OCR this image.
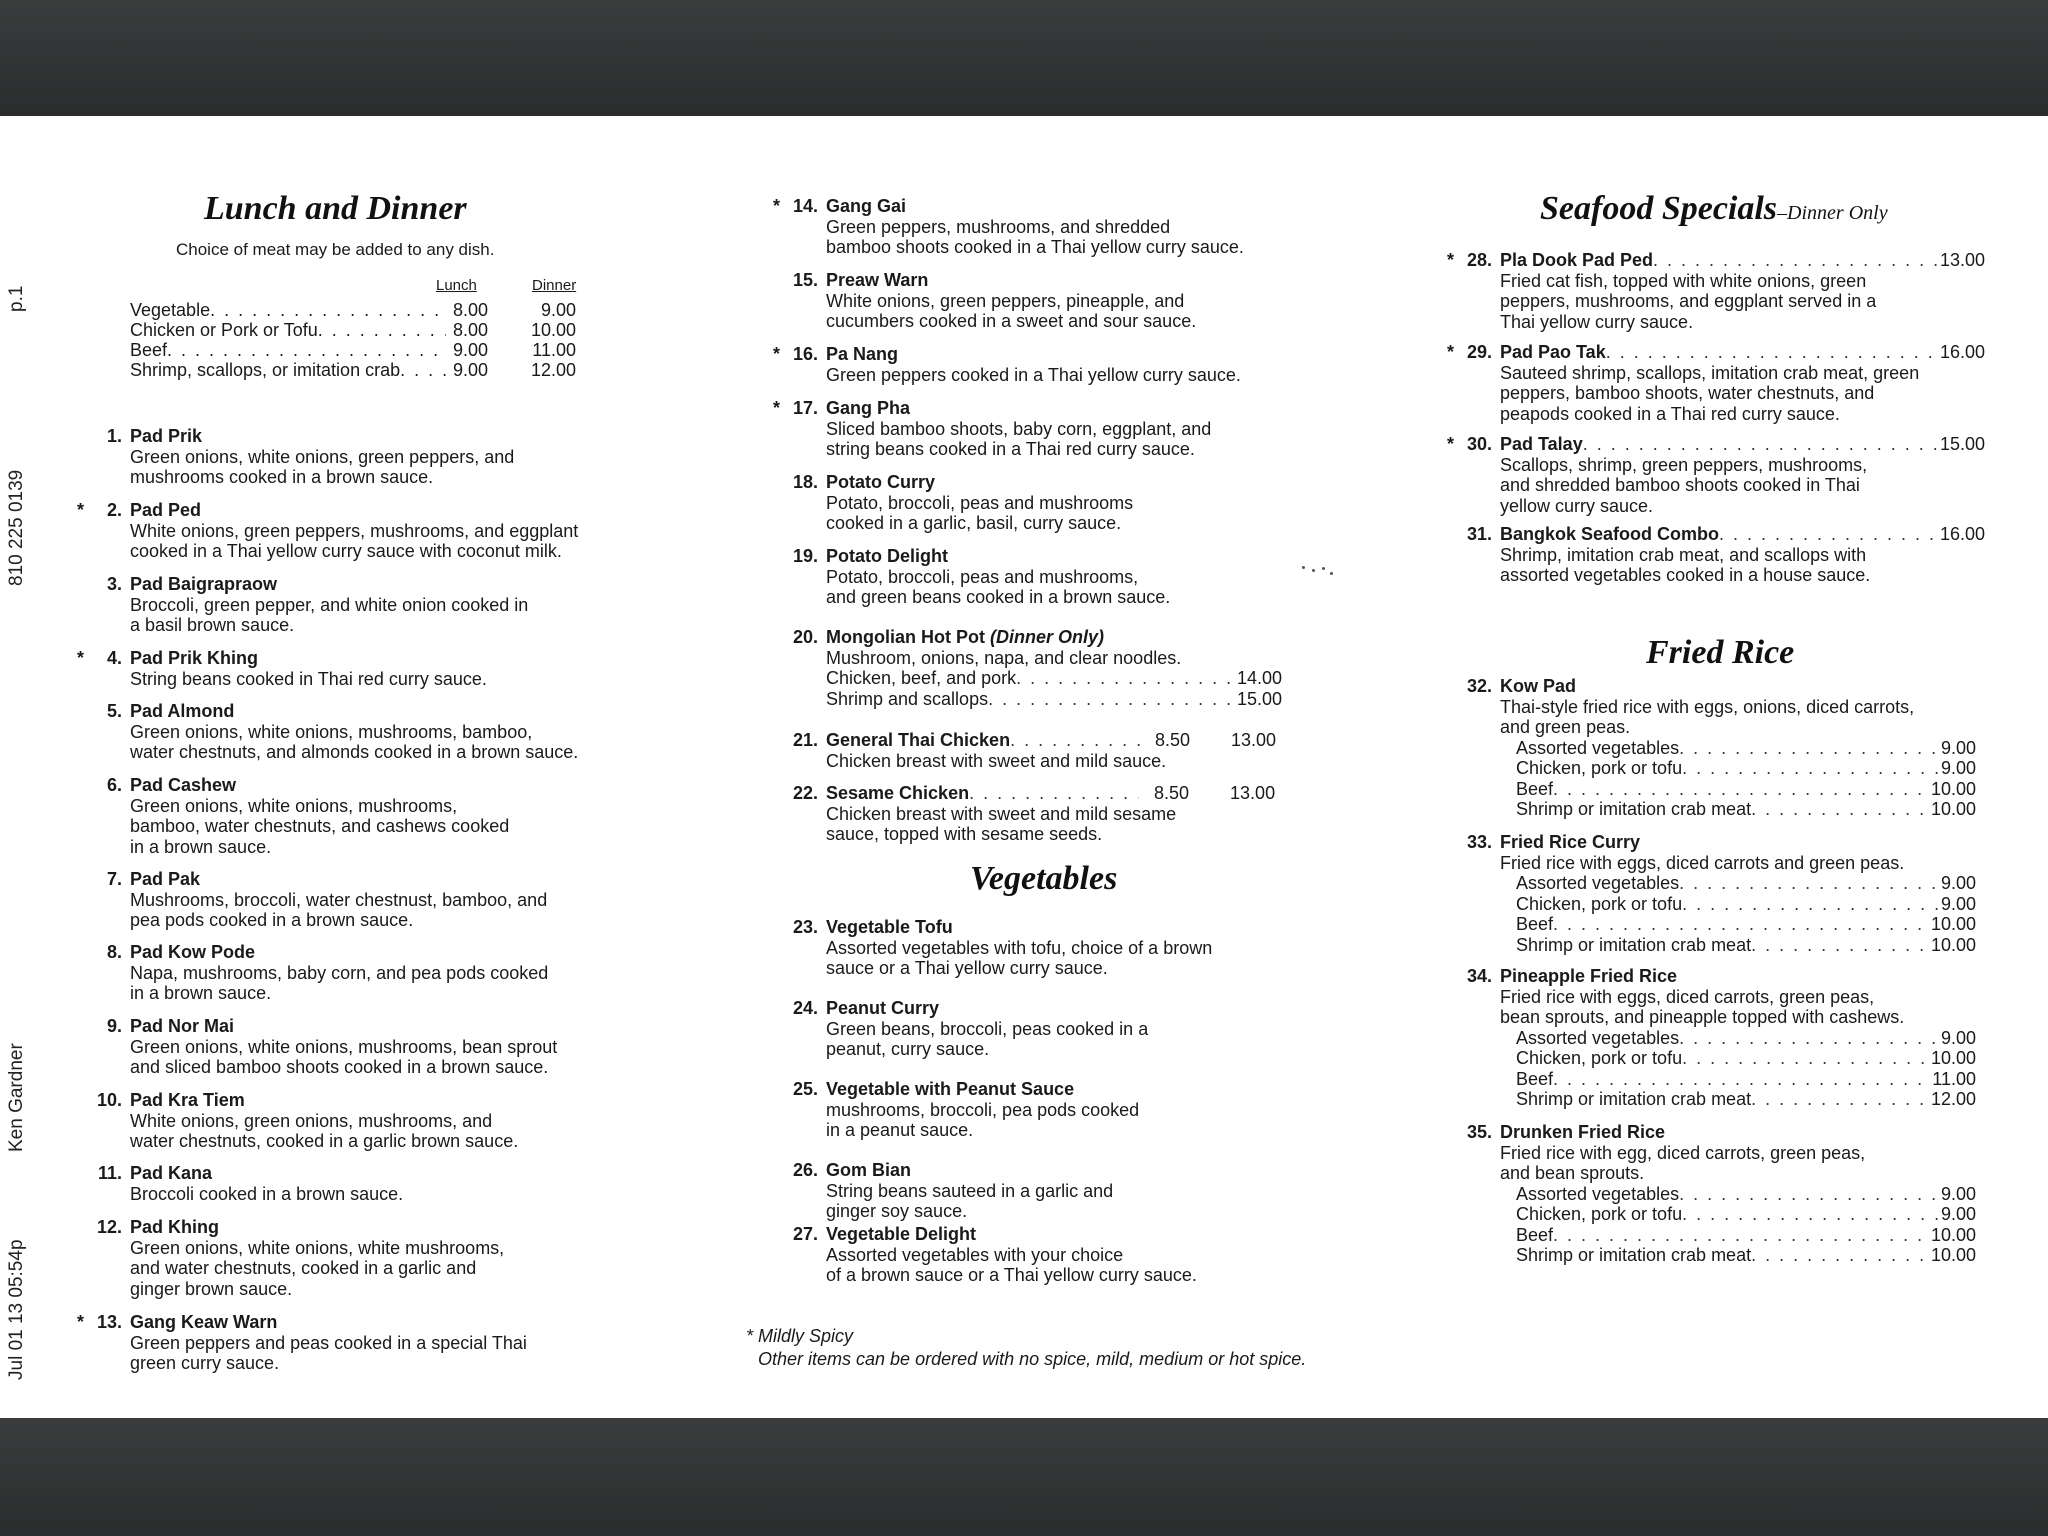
p.1
810 225 0139
Ken Gardner
Jul 01 13 05:54p
Lunch and Dinner
Choice of meat may be added to any dish.
Lunch	Dinner
Vegetable . . .	8.00	9.00
Chicken or Pork or Tofu . . .	8.00	10.00
Beef . . .	9.00	11.00
Shrimp, scallops, or imitation crab . . .	9.00	12.00
1. Pad Prik
Green onions, white onions, green peppers, and
mushrooms cooked in a brown sauce.
*	2. Pad Ped
White onions, green peppers, mushrooms, and eggplant
cooked in a Thai yellow curry sauce with coconut milk.
3. Pad Baigrapraow
Broccoli, green pepper, and white onion cooked in
a basil brown sauce.
*	4. Pad Prik Khing
String beans cooked in Thai red curry sauce.
5. Pad Almond
Green onions, white onions, mushrooms, bamboo,
water chestnuts, and almonds cooked in a brown sauce.
6. Pad Cashew
Green onions, white onions, mushrooms,
bamboo, water chestnuts, and cashews cooked
in a brown sauce.
7. Pad Pak
Mushrooms, broccoli, water chestnust, bamboo, and
pea pods cooked in a brown sauce.
8. Pad Kow Pode
Napa, mushrooms, baby corn, and pea pods cooked
in a brown sauce.
9. Pad Nor Mai
Green onions, white onions, mushrooms, bean sprout
and sliced bamboo shoots cooked in a brown sauce.
10. Pad Kra Tiem
White onions, green onions, mushrooms, and
water chestnuts, cooked in a garlic brown sauce.
11. Pad Kana
Broccoli cooked in a brown sauce.
12. Pad Khing
Green onions, white onions, white mushrooms,
and water chestnuts, cooked in a garlic and
ginger brown sauce.
* 13. Gang Keaw Warn
Green peppers and peas cooked in a special Thai
green curry sauce.
* 14. Gang Gai
Green peppers, mushrooms, and shredded
bamboo shoots cooked in a Thai yellow curry sauce.
15. Preaw Warn
White onions, green peppers, pineapple, and
cucumbers cooked in a sweet and sour sauce.
* 16. Pa Nang
Green peppers cooked in a Thai yellow curry sauce.
* 17. Gang Pha
Sliced bamboo shoots, baby corn, eggplant, and
string beans cooked in a Thai red curry sauce.
18. Potato Curry
Potato, broccoli, peas and mushrooms
cooked in a garlic, basil, curry sauce.
19. Potato Delight
Potato, broccoli, peas and mushrooms,
and green beans cooked in a brown sauce.
20. Mongolian Hot Pot (Dinner Only)
Mushroom, onions, napa, and clear noodles.
Chicken, beef, and pork . . .	14.00
Shrimp and scallops . . .	15.00
21. General Thai Chicken . . .	8.50	13.00
Chicken breast with sweet and mild sauce.
22. Sesame Chicken . . .	8.50	13.00
Chicken breast with sweet and mild sesame
sauce, topped with sesame seeds.
Vegetables
23. Vegetable Tofu
Assorted vegetables with tofu, choice of a brown
sauce or a Thai yellow curry sauce.
24. Peanut Curry
Green beans, broccoli, peas cooked in a
peanut, curry sauce.
25. Vegetable with Peanut Sauce
mushrooms, broccoli, pea pods cooked
in a peanut sauce.
26. Gom Bian
String beans sauteed in a garlic and
ginger soy sauce.
27. Vegetable Delight
Assorted vegetables with your choice
of a brown sauce or a Thai yellow curry sauce.
* Mildly Spicy
Other items can be ordered with no spice, mild, medium or hot spice.
Seafood Specials–Dinner Only
* 28. Pla Dook Pad Ped . . .	13.00
Fried cat fish, topped with white onions, green
peppers, mushrooms, and eggplant served in a
Thai yellow curry sauce.
* 29. Pad Pao Tak . . .	16.00
Sauteed shrimp, scallops, imitation crab meat, green
peppers, bamboo shoots, water chestnuts, and
peapods cooked in a Thai red curry sauce.
* 30. Pad Talay . . .	15.00
Scallops, shrimp, green peppers, mushrooms,
and shredded bamboo shoots cooked in Thai
yellow curry sauce.
31. Bangkok Seafood Combo . . .	16.00
Shrimp, imitation crab meat, and scallops with
assorted vegetables cooked in a house sauce.
Fried Rice
32. Kow Pad
Thai-style fried rice with eggs, onions, diced carrots,
and green peas.
Assorted vegetables . . .	9.00
Chicken, pork or tofu . . .	9.00
Beef . . .	10.00
Shrimp or imitation crab meat . . .	10.00
33. Fried Rice Curry
Fried rice with eggs, diced carrots and green peas.
Assorted vegetables . . .	9.00
Chicken, pork or tofu . . .	9.00
Beef . . .	10.00
Shrimp or imitation crab meat . . .	10.00
34. Pineapple Fried Rice
Fried rice with eggs, diced carrots, green peas,
bean sprouts, and pineapple topped with cashews.
Assorted vegetables . . .	9.00
Chicken, pork or tofu . . .	10.00
Beef . . .	11.00
Shrimp or imitation crab meat . . .	12.00
35. Drunken Fried Rice
Fried rice with egg, diced carrots, green peas,
and bean sprouts.
Assorted vegetables . . .	9.00
Chicken, pork or tofu . . .	9.00
Beef . . .	10.00
Shrimp or imitation crab meat . . .	10.00
